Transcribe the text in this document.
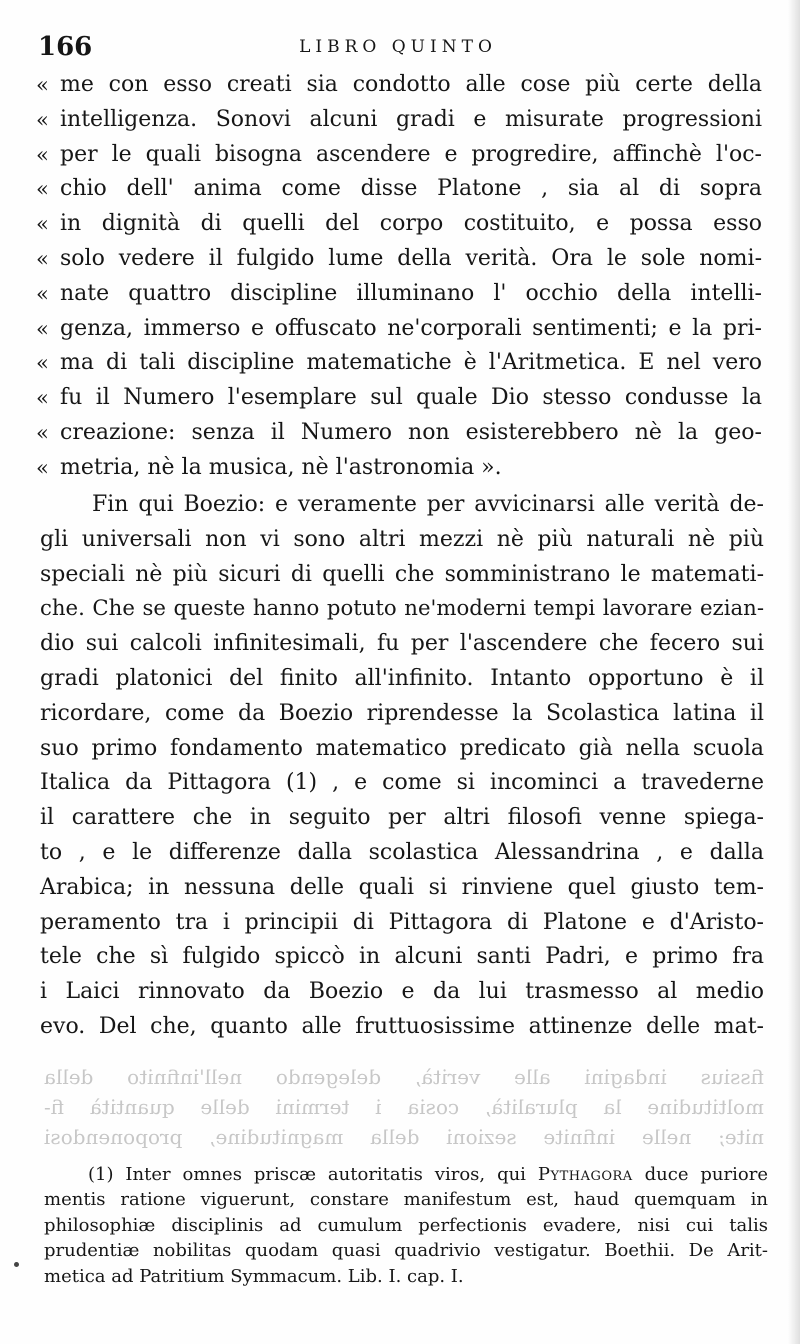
166	LIBRO QUINTO
« me con esso creati sia condotto alle cose più certe della
« intelligenza. Sonovi alcuni gradi e misurate progressioni
« per le quali bisogna ascendere e progredire, affinchè l'oc-
« chio dell' anima come disse Platone , sia al di sopra
« in dignità di quelli del corpo costituito, e possa esso
« solo vedere il fulgido lume della verità. Ora le sole nomi-
« nate quattro discipline illuminano l' occhio della intelli-
« genza, immerso e offuscato ne'corporali sentimenti; e la pri-
« ma di tali discipline matematiche è l'Aritmetica. E nel vero
« fu il Numero l'esemplare sul quale Dio stesso condusse la
« creazione: senza il Numero non esisterebbero nè la geo-
« metria, nè la musica, nè l'astronomia ».
Fin qui Boezio: e veramente per avvicinarsi alle verità de-
gli universali non vi sono altri mezzi nè più naturali nè più
speciali nè più sicuri di quelli che somministrano le matemati-
che. Che se queste hanno potuto ne'moderni tempi lavorare ezian-
dio sui calcoli infinitesimali, fu per l'ascendere che fecero sui
gradi platonici del finito all'infinito. Intanto opportuno è il
ricordare, come da Boezio riprendesse la Scolastica latina il
suo primo fondamento matematico predicato già nella scuola
Italica da Pittagora (1) , e come si incominci a travederne
il carattere che in seguito per altri filosofi venne spiega-
to , e le differenze dalla scolastica Alessandrina , e dalla
Arabica; in nessuna delle quali si rinviene quel giusto tem-
peramento tra i principii di Pittagora di Platone e d'Aristo-
tele che sì fulgido spiccò in alcuni santi Padri, e primo fra
i Laici rinnovato da Boezio e da lui trasmesso al medio
evo. Del che, quanto alle fruttuosissime attinenze delle mat-
fissius indagini alle verità, delegendo nell'infinito della
moltitudine la pluralità, cosia i termini delle quantità fi-
nite; nelle infinite sezioni della magnitudine, proponendosi
(1) Inter omnes priscæ autoritatis viros, qui Pythagora duce puriore
mentis ratione viguerunt, constare manifestum est, haud quemquam in
philosophiæ disciplinis ad cumulum perfectionis evadere, nisi cui talis
prudentiæ nobilitas quodam quasi quadrivio vestigatur. Boethii. De Arit-
metica ad Patritium Symmacum. Lib. I. cap. I.
